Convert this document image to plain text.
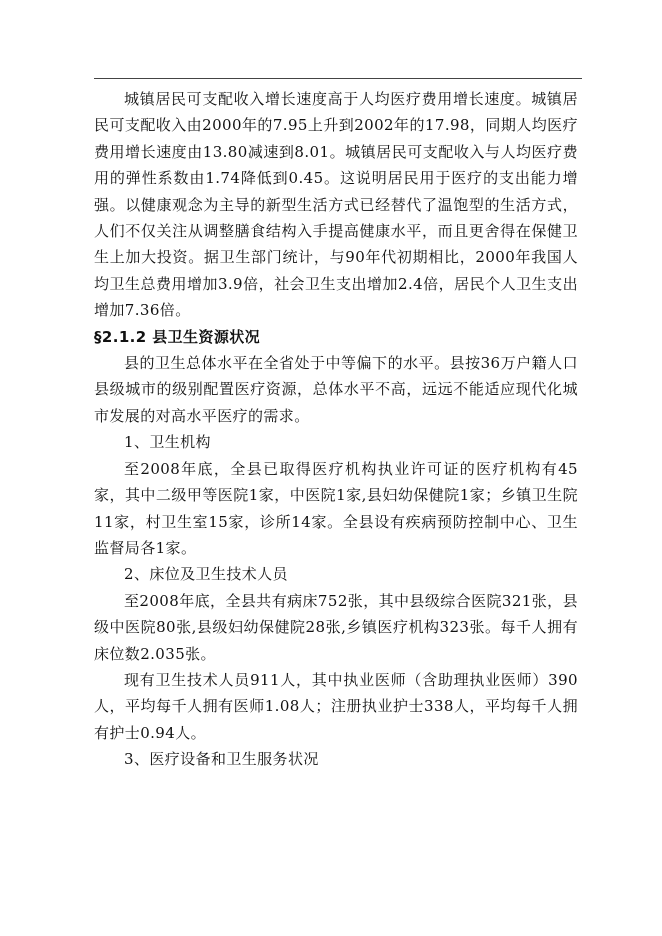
城镇居民可支配收入增长速度高于人均医疗费用增长速度。城镇居民可支配收入由2000年的7.95上升到2002年的17.98，同期人均医疗费用增长速度由13.80减速到8.01。城镇居民可支配收入与人均医疗费用的弹性系数由1.74降低到0.45。这说明居民用于医疗的支出能力增强。以健康观念为主导的新型生活方式已经替代了温饱型的生活方式，人们不仅关注从调整膳食结构入手提高健康水平，而且更舍得在保健卫生上加大投资。据卫生部门统计，与90年代初期相比，2000年我国人均卫生总费用增加3.9倍，社会卫生支出增加2.4倍，居民个人卫生支出增加7.36倍。

§2.1.2 县卫生资源状况

县的卫生总体水平在全省处于中等偏下的水平。县按36万户籍人口县级城市的级别配置医疗资源，总体水平不高，远远不能适应现代化城市发展的对高水平医疗的需求。

1、卫生机构

至2008年底，全县已取得医疗机构执业许可证的医疗机构有45家，其中二级甲等医院1家，中医院1家,县妇幼保健院1家；乡镇卫生院11家，村卫生室15家，诊所14家。全县设有疾病预防控制中心、卫生监督局各1家。

2、床位及卫生技术人员

至2008年底，全县共有病床752张，其中县级综合医院321张，县级中医院80张,县级妇幼保健院28张,乡镇医疗机构323张。每千人拥有床位数2.035张。

现有卫生技术人员911人，其中执业医师（含助理执业医师）390人，平均每千人拥有医师1.08人；注册执业护士338人，平均每千人拥有护士0.94人。

3、医疗设备和卫生服务状况
